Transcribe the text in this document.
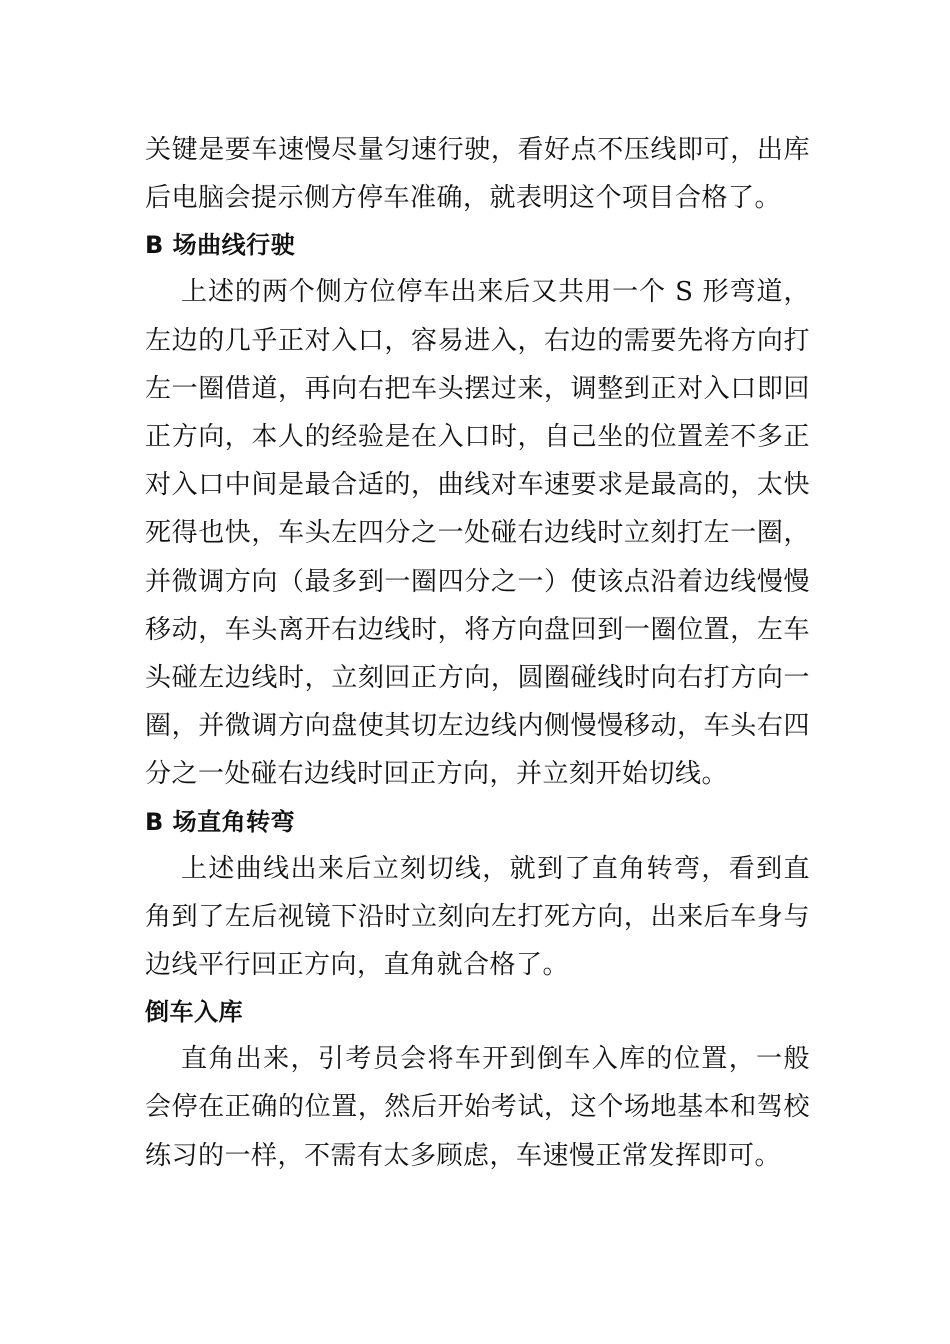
关键是要车速慢尽量匀速行驶，看好点不压线即可，出库后电脑会提示侧方停车准确，就表明这个项目合格了。

B 场曲线行驶

上述的两个侧方位停车出来后又共用一个 S 形弯道，左边的几乎正对入口，容易进入，右边的需要先将方向打左一圈借道，再向右把车头摆过来，调整到正对入口即回正方向，本人的经验是在入口时，自己坐的位置差不多正对入口中间是最合适的，曲线对车速要求是最高的，太快死得也快，车头左四分之一处碰右边线时立刻打左一圈，并微调方向（最多到一圈四分之一）使该点沿着边线慢慢移动，车头离开右边线时，将方向盘回到一圈位置，左车头碰左边线时，立刻回正方向，圆圈碰线时向右打方向一圈，并微调方向盘使其切左边线内侧慢慢移动，车头右四分之一处碰右边线时回正方向，并立刻开始切线。

B 场直角转弯

上述曲线出来后立刻切线，就到了直角转弯，看到直角到了左后视镜下沿时立刻向左打死方向，出来后车身与边线平行回正方向，直角就合格了。

倒车入库

直角出来，引考员会将车开到倒车入库的位置，一般会停在正确的位置，然后开始考试，这个场地基本和驾校练习的一样，不需有太多顾虑，车速慢正常发挥即可。
